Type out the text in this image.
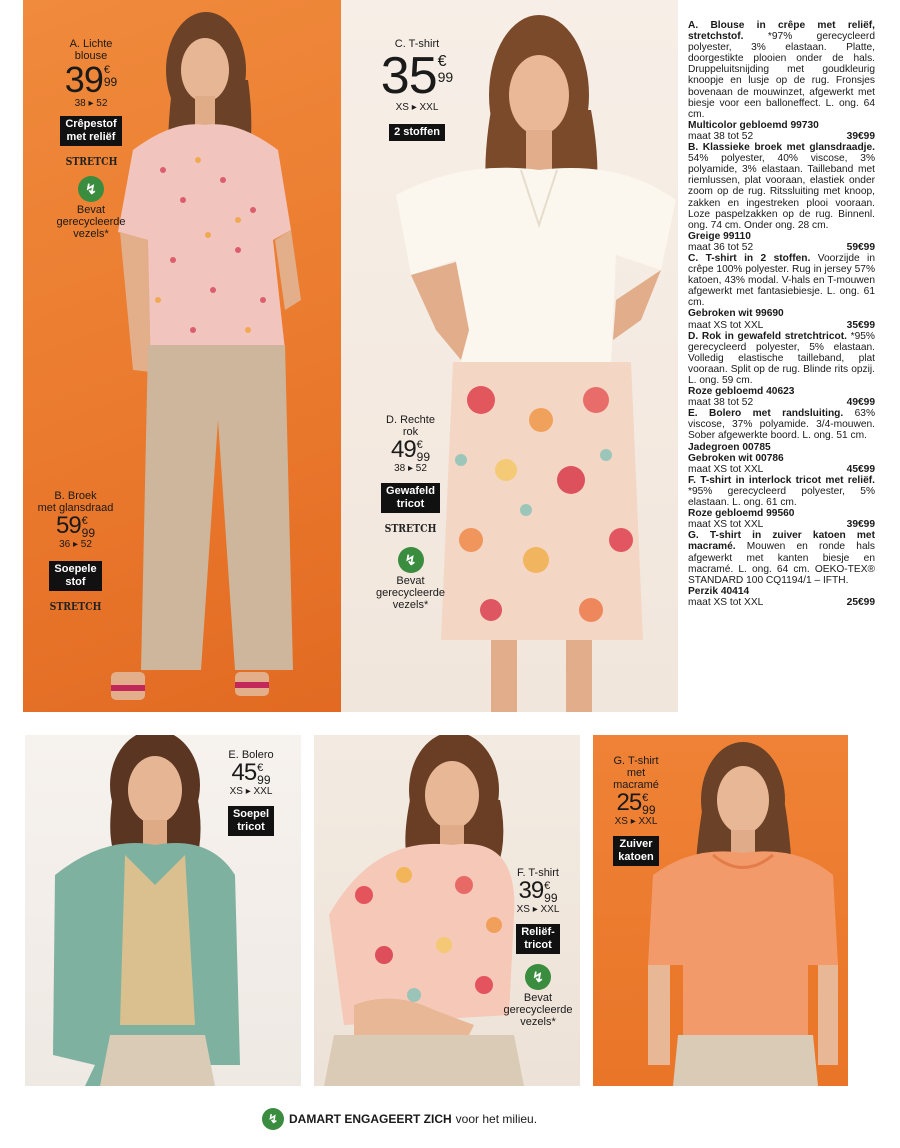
A. Lichte
blouse
39 €
99
38 ▸ 52
Crêpestof
met reliëf
STRETCH
↯
Bevat
gerecycleerde
vezels*
B. Broek
met glansdraad
59 €
99
36 ▸ 52
Soepele
stof
STRETCH
C. T-shirt
35 €
99
XS ▸ XXL
2 stoffen
D. Rechte
rok
49 €
99
38 ▸ 52
Gewafeld
tricot
STRETCH
↯
Bevat
gerecycleerde
vezels*

A. Blouse in crêpe met reliëf, stretchstof. *97% gerecycleerd polyester, 3% elastaan. Platte, doorgestikte plooien onder de hals. Druppeluitsnijding met goudkleurig knoopje en lusje op de rug. Fronsjes bovenaan de mouwinzet, afgewerkt met biesje voor een balloneffect. L. ong. 64 cm.

Multicolor gebloemd 99730
maat 38 tot 52	39€99

B. Klassieke broek met glansdraadje. 54% polyester, 40% viscose, 3% polyamide, 3% elastaan. Tailleband met riemlussen, plat vooraan, elastiek onder zoom op de rug. Ritssluiting met knoop, zakken en ingestreken plooi vooraan. Loze paspelzakken op de rug. Binnenl. ong. 74 cm. Onder ong. 28 cm.

Greige 99110
maat 36 tot 52	59€99

C. T-shirt in 2 stoffen. Voorzijde in crêpe 100% polyester. Rug in jersey 57% katoen, 43% modal. V-hals en T-mouwen afgewerkt met fantasiebiesje. L. ong. 61 cm.

Gebroken wit 99690
maat XS tot XXL	35€99

D. Rok in gewafeld stretchtricot. *95% gerecycleerd polyester, 5% elastaan. Volledig elastische tailleband, plat vooraan. Split op de rug. Blinde rits opzij. L. ong. 59 cm.

Roze gebloemd 40623
maat 38 tot 52	49€99

E. Bolero met randsluiting. 63% viscose, 37% polyamide. 3/4-mouwen. Sober afgewerkte boord. L. ong. 51 cm.

Jadegroen 00785
Gebroken wit 00786
maat XS tot XXL	45€99

F. T-shirt in interlock tricot met reliëf. *95% gerecycleerd polyester, 5% elastaan. L. ong. 61 cm.

Roze gebloemd 99560
maat XS tot XXL	39€99

G. T-shirt in zuiver katoen met macramé. Mouwen en ronde hals afgewerkt met kanten biesje en macramé. L. ong. 64 cm. OEKO-TEX® STANDARD 100 CQ1194/1 – IFTH.

Perzik 40414
maat XS tot XXL	25€99
E. Bolero
45 €
99
XS ▸ XXL
Soepel
tricot
F. T-shirt
39 €
99
XS ▸ XXL
Reliëf-
tricot
↯
Bevat
gerecycleerde
vezels*
G. T-shirt
met
macramé
25 €
99
XS ▸ XXL
Zuiver
katoen
↯ DAMART ENGAGEERT ZICH voor het milieu.
